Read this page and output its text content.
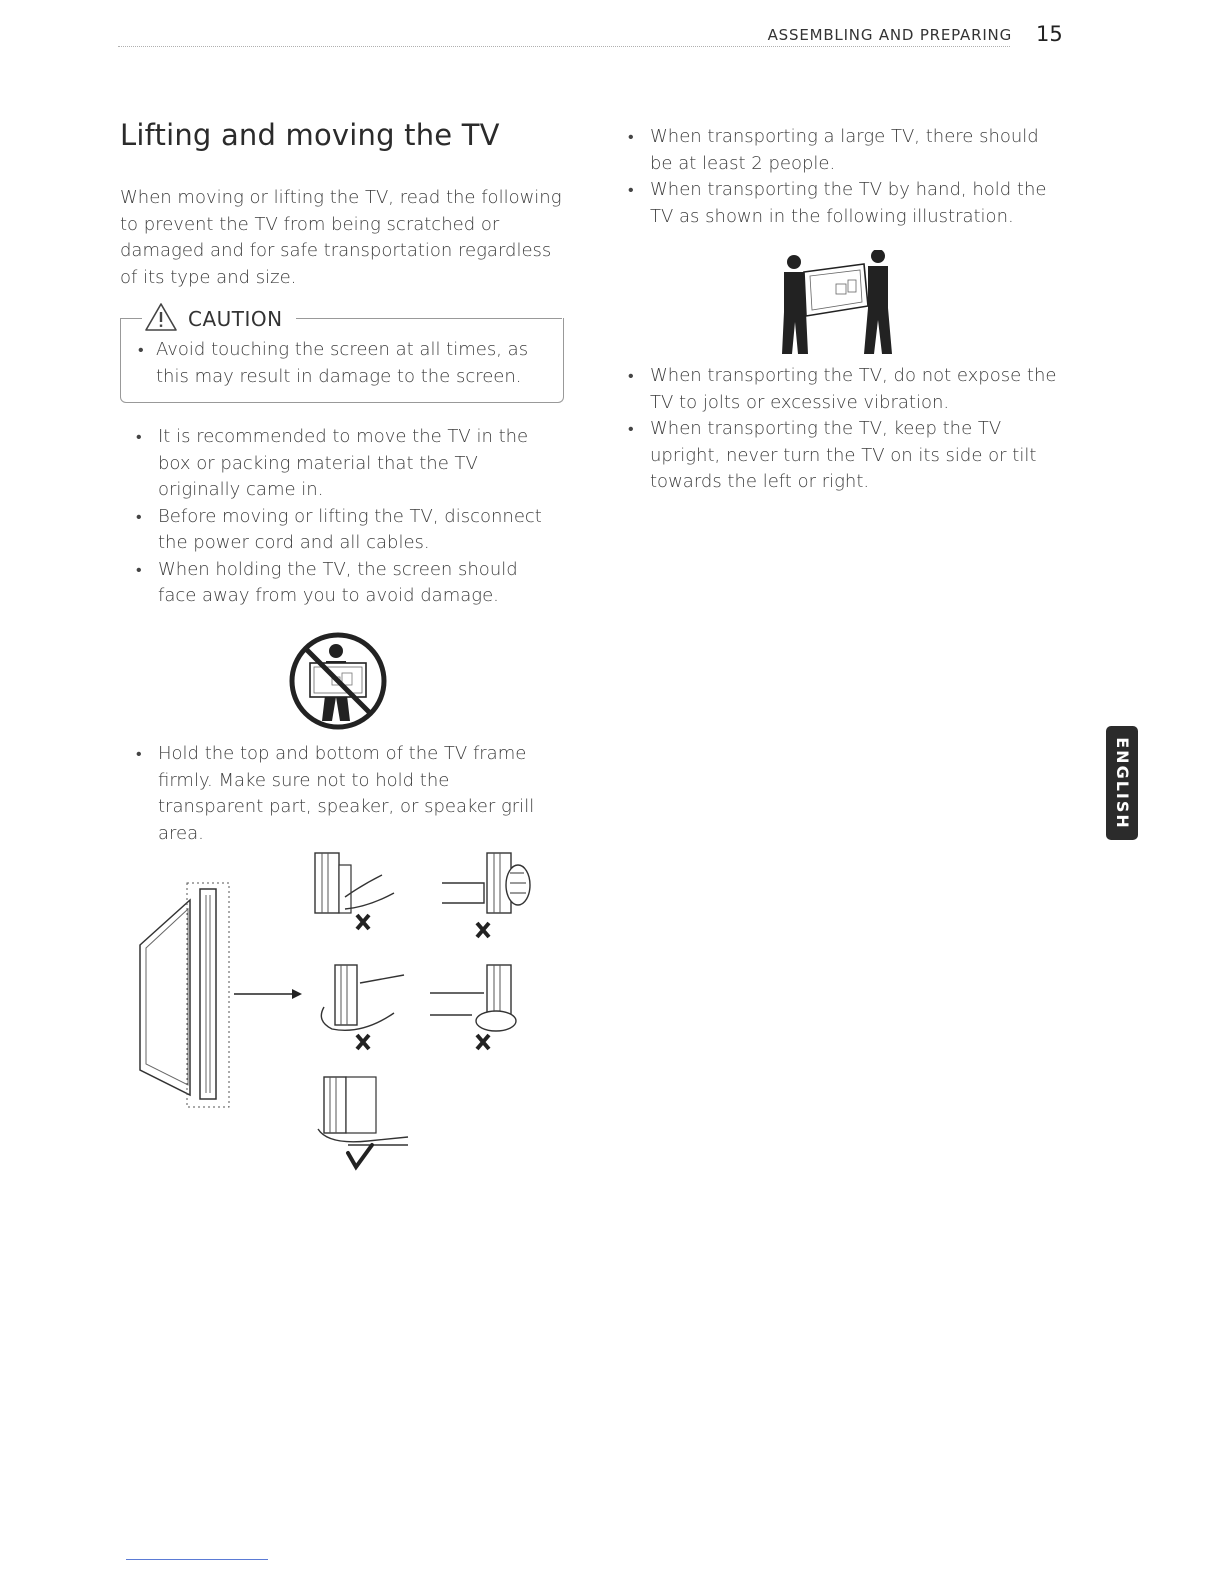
ASSEMBLING AND PREPARING 15
Lifting and moving the TV
When moving or lifting the TV, read the following to prevent the TV from being scratched or damaged and for safe transportation regardless of its type and size.
CAUTION
• Avoid touching the screen at all times, as this may result in damage to the screen.
• It is recommended to move the TV in the box or packing material that the TV originally came in.
• Before moving or lifting the TV, disconnect the power cord and all cables.
• When holding the TV, the screen should face away from you to avoid damage.
• Hold the top and bottom of the TV frame firmly. Make sure not to hold the transparent part, speaker, or speaker grill area.
• When transporting a large TV, there should be at least 2 people.
• When transporting the TV by hand, hold the TV as shown in the following illustration.
• When transporting the TV, do not expose the TV to jolts or excessive vibration.
• When transporting the TV, keep the TV upright, never turn the TV on its side or tilt towards the left or right.
ENGLISH
